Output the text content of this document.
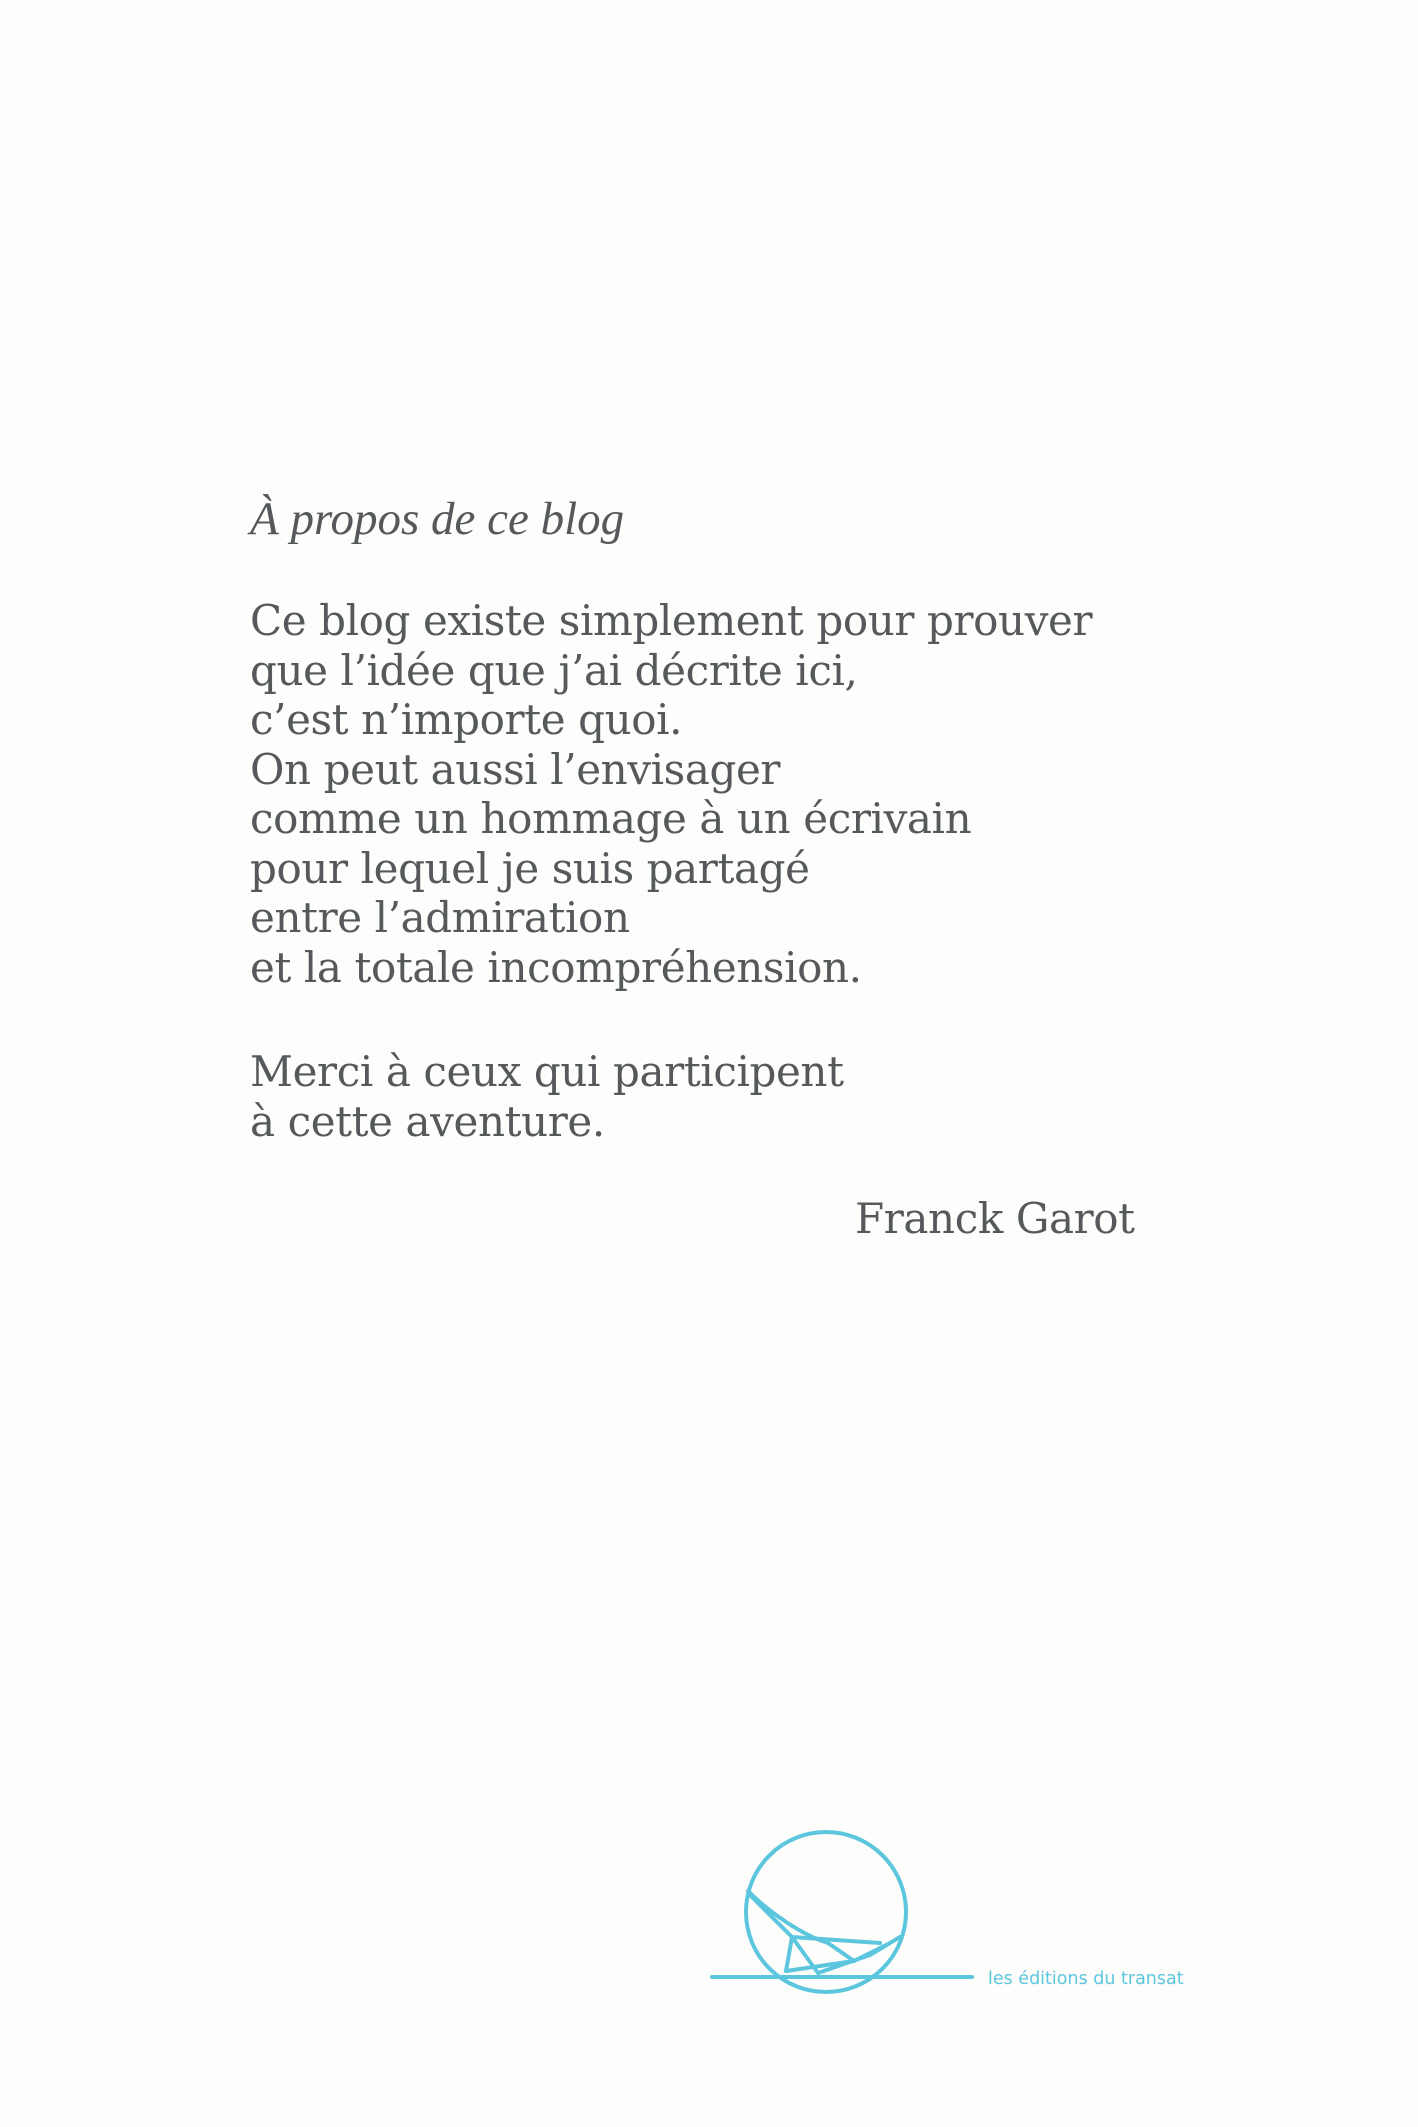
À propos de ce blog

Ce blog existe simplement pour prouver
que l’idée que j’ai décrite ici,
c’est n’importe quoi.
On peut aussi l’envisager
comme un hommage à un écrivain
pour lequel je suis partagé
entre l’admiration
et la totale incompréhension.

Merci à ceux qui participent
à cette aventure.

Franck Garot
les éditions du transat
